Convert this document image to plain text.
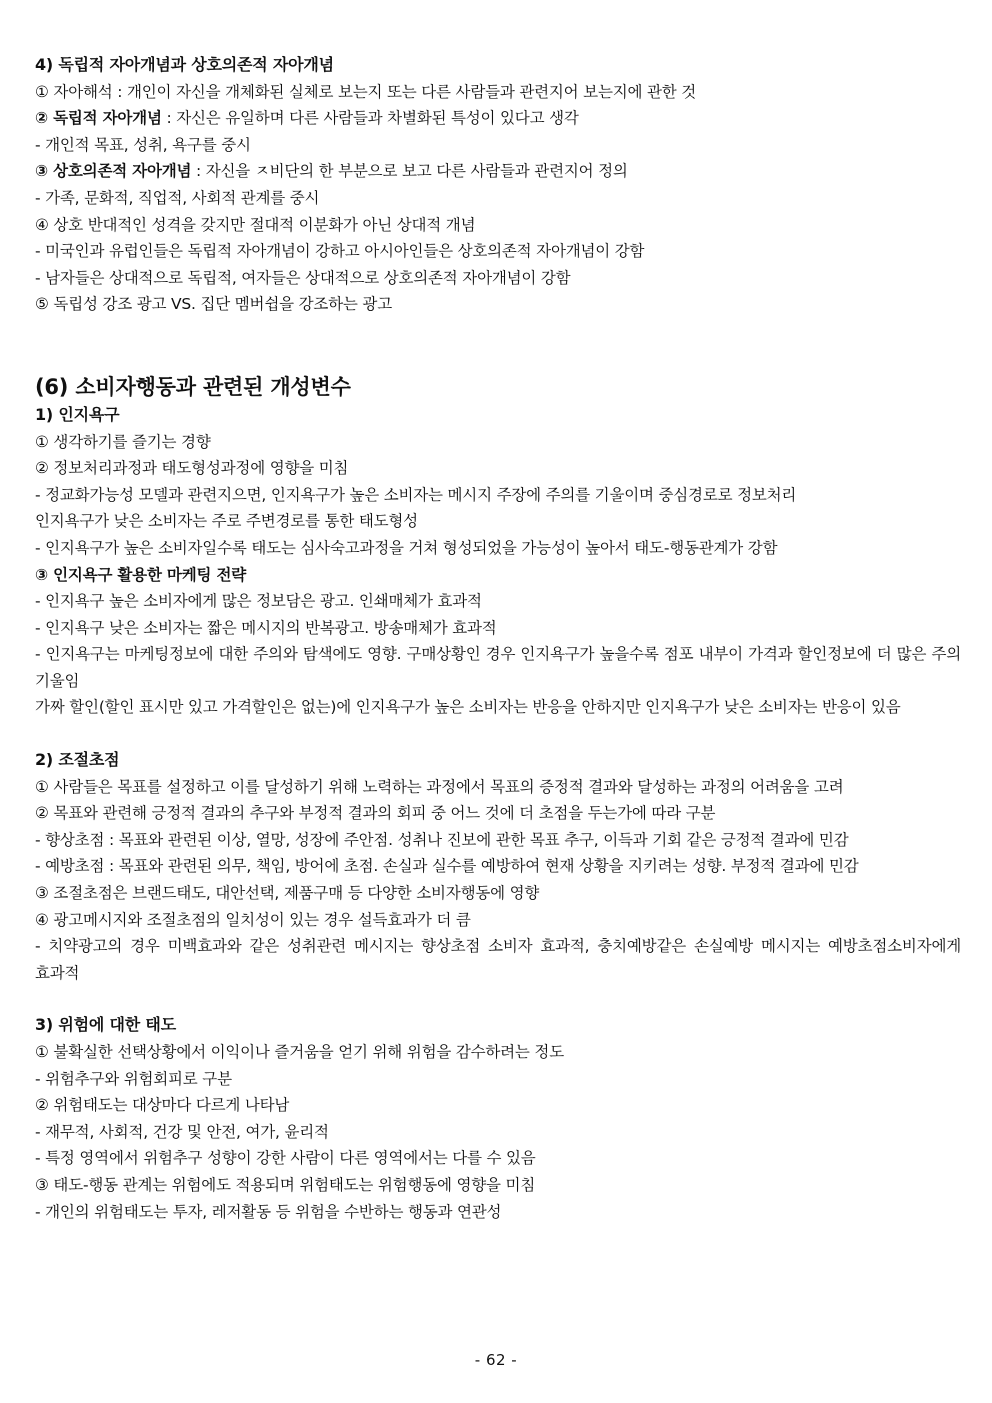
4) 독립적 자아개념과 상호의존적 자아개념

① 자아해석 : 개인이 자신을 개체화된 실체로 보는지 또는 다른 사람들과 관련지어 보는지에 관한 것

② 독립적 자아개념 : 자신은 유일하며 다른 사람들과 차별화된 특성이 있다고 생각

- 개인적 목표, 성취, 욕구를 중시

③ 상호의존적 자아개념 : 자신을 ㅈ비단의 한 부분으로 보고 다른 사람들과 관련지어 정의

- 가족, 문화적, 직업적, 사회적 관계를 중시

④ 상호 반대적인 성격을 갖지만 절대적 이분화가 아닌 상대적 개념

- 미국인과 유럽인들은 독립적 자아개념이 강하고 아시아인들은 상호의존적 자아개념이 강함

- 남자들은 상대적으로 독립적, 여자들은 상대적으로 상호의존적 자아개념이 강함

⑤ 독립성 강조 광고 VS. 집단 멤버쉽을 강조하는 광고

(6) 소비자행동과 관련된 개성변수

1) 인지욕구

① 생각하기를 즐기는 경향

② 정보처리과정과 태도형성과정에 영향을 미침

- 정교화가능성 모델과 관련지으면, 인지욕구가 높은 소비자는 메시지 주장에 주의를 기울이며 중심경로로 정보처리

인지욕구가 낮은 소비자는 주로 주변경로를 통한 태도형성

- 인지욕구가 높은 소비자일수록 태도는 심사숙고과정을 거쳐 형성되었을 가능성이 높아서 태도-행동관계가 강함

③ 인지욕구 활용한 마케팅 전략

- 인지욕구 높은 소비자에게 많은 정보담은 광고. 인쇄매체가 효과적

- 인지욕구 낮은 소비자는 짧은 메시지의 반복광고. 방송매체가 효과적

- 인지욕구는 마케팅정보에 대한 주의와 탐색에도 영향. 구매상황인 경우 인지욕구가 높을수록 점포 내부이 가격과 할인정보에 더 많은 주의 기울임

가짜 할인(할인 표시만 있고 가격할인은 없는)에 인지욕구가 높은 소비자는 반응을 안하지만 인지욕구가 낮은 소비자는 반응이 있음

2) 조절초점

① 사람들은 목표를 설정하고 이를 달성하기 위해 노력하는 과정에서 목표의 증정적 결과와 달성하는 과정의 어려움을 고려

② 목표와 관련해 긍정적 결과의 추구와 부정적 결과의 회피 중 어느 것에 더 초점을 두는가에 따라 구분

- 향상초점 : 목표와 관련된 이상, 열망, 성장에 주안점. 성취나 진보에 관한 목표 추구, 이득과 기회 같은 긍정적 결과에 민감

- 예방초점 : 목표와 관련된 의무, 책임, 방어에 초점. 손실과 실수를 예방하여 현재 상황을 지키려는 성향. 부정적 결과에 민감

③ 조절초점은 브랜드태도, 대안선택, 제품구매 등 다양한 소비자행동에 영향

④ 광고메시지와 조절초점의 일치성이 있는 경우 설득효과가 더 큼

- 치약광고의 경우 미백효과와 같은 성취관련 메시지는 향상초점 소비자 효과적, 충치예방같은 손실예방 메시지는 예방초점소비자에게 효과적

3) 위험에 대한 태도

① 불확실한 선택상황에서 이익이나 즐거움을 얻기 위해 위험을 감수하려는 정도

- 위험추구와 위험회피로 구분

② 위험태도는 대상마다 다르게 나타남

- 재무적, 사회적, 건강 및 안전, 여가, 윤리적

- 특정 영역에서 위험추구 성향이 강한 사람이 다른 영역에서는 다를 수 있음

③ 태도-행동 관계는 위험에도 적용되며 위험태도는 위험행동에 영향을 미침

- 개인의 위험태도는 투자, 레저활동 등 위험을 수반하는 행동과 연관성

- 62 -
